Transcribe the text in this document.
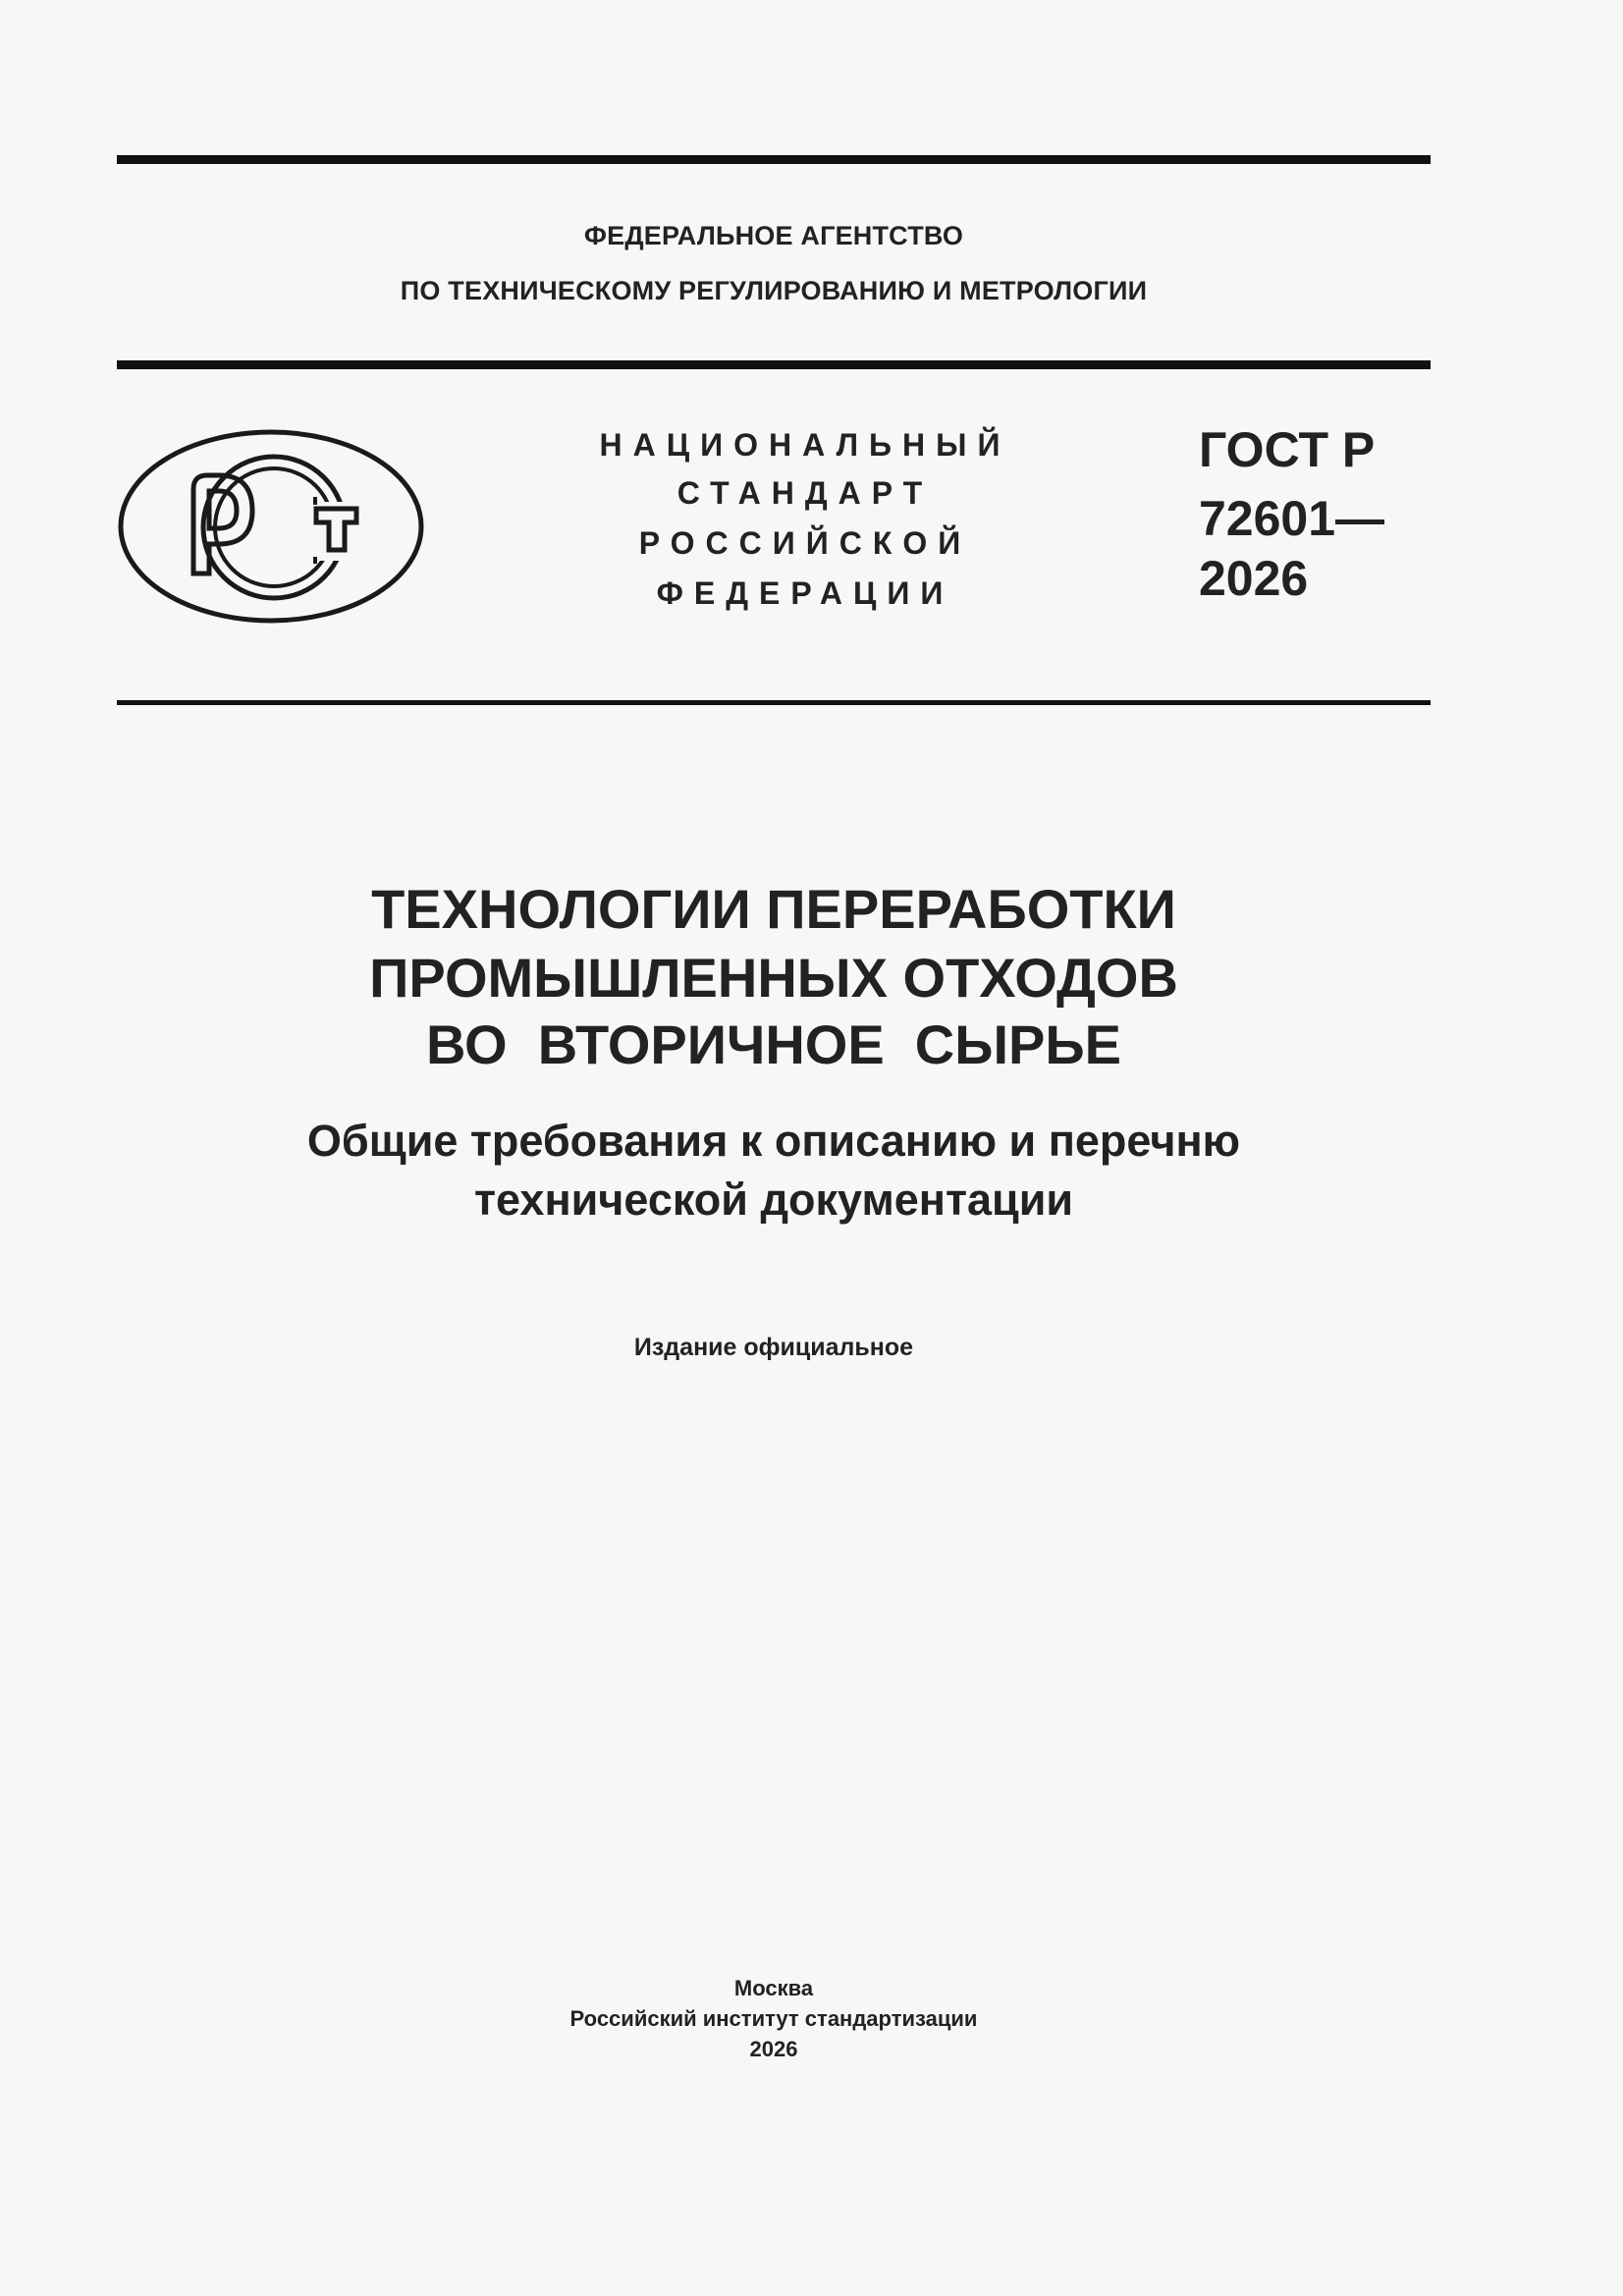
ФЕДЕРАЛЬНОЕ АГЕНТСТВО
ПО ТЕХНИЧЕСКОМУ РЕГУЛИРОВАНИЮ И МЕТРОЛОГИИ
НАЦИОНАЛЬНЫЙ
СТАНДАРТ
РОССИЙСКОЙ
ФЕДЕРАЦИИ
ГОСТ Р
72601—
2026
ТЕХНОЛОГИИ ПЕРЕРАБОТКИ
ПРОМЫШЛЕННЫХ ОТХОДОВ
ВО  ВТОРИЧНОЕ  СЫРЬЕ
Общие требования к описанию и перечню
технической документации
Издание официальное
Москва
Российский институт стандартизации
2026
